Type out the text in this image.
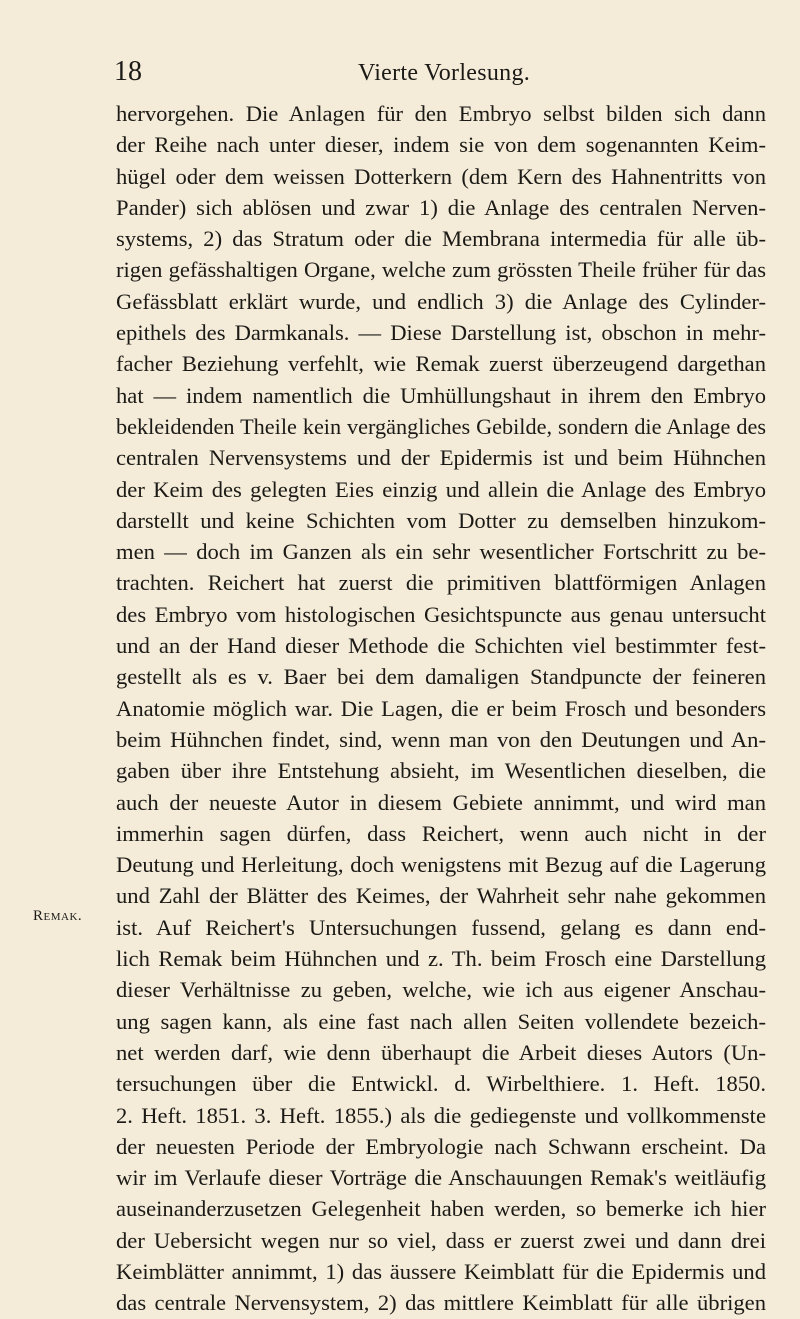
18	Vierte Vorlesung.
Remak.
hervorgehen. Die Anlagen für den Embryo selbst bilden sich dann
der Reihe nach unter dieser, indem sie von dem sogenannten Keim-
hügel oder dem weissen Dotterkern (dem Kern des Hahnentritts von
Pander) sich ablösen und zwar 1) die Anlage des centralen Nerven-
systems, 2) das Stratum oder die Membrana intermedia für alle üb-
rigen gefässhaltigen Organe, welche zum grössten Theile früher für das
Gefässblatt erklärt wurde, und endlich 3) die Anlage des Cylinder-
epithels des Darmkanals. — Diese Darstellung ist, obschon in mehr-
facher Beziehung verfehlt, wie Remak zuerst überzeugend dargethan
hat — indem namentlich die Umhüllungshaut in ihrem den Embryo
bekleidenden Theile kein vergängliches Gebilde, sondern die Anlage des
centralen Nervensystems und der Epidermis ist und beim Hühnchen
der Keim des gelegten Eies einzig und allein die Anlage des Embryo
darstellt und keine Schichten vom Dotter zu demselben hinzukom-
men — doch im Ganzen als ein sehr wesentlicher Fortschritt zu be-
trachten. Reichert hat zuerst die primitiven blattförmigen Anlagen
des Embryo vom histologischen Gesichtspuncte aus genau untersucht
und an der Hand dieser Methode die Schichten viel bestimmter fest-
gestellt als es v. Baer bei dem damaligen Standpuncte der feineren
Anatomie möglich war. Die Lagen, die er beim Frosch und besonders
beim Hühnchen findet, sind, wenn man von den Deutungen und An-
gaben über ihre Entstehung absieht, im Wesentlichen dieselben, die
auch der neueste Autor in diesem Gebiete annimmt, und wird man
immerhin sagen dürfen, dass Reichert, wenn auch nicht in der
Deutung und Herleitung, doch wenigstens mit Bezug auf die Lagerung
und Zahl der Blätter des Keimes, der Wahrheit sehr nahe gekommen
ist. Auf Reichert's Untersuchungen fussend, gelang es dann end-
lich Remak beim Hühnchen und z. Th. beim Frosch eine Darstellung
dieser Verhältnisse zu geben, welche, wie ich aus eigener Anschau-
ung sagen kann, als eine fast nach allen Seiten vollendete bezeich-
net werden darf, wie denn überhaupt die Arbeit dieses Autors (Un-
tersuchungen über die Entwickl. d. Wirbelthiere. 1. Heft. 1850.
2. Heft. 1851. 3. Heft. 1855.) als die gediegenste und vollkommenste
der neuesten Periode der Embryologie nach Schwann erscheint. Da
wir im Verlaufe dieser Vorträge die Anschauungen Remak's weitläufig
auseinanderzusetzen Gelegenheit haben werden, so bemerke ich hier
der Uebersicht wegen nur so viel, dass er zuerst zwei und dann drei
Keimblätter annimmt, 1) das äussere Keimblatt für die Epidermis und
das centrale Nervensystem, 2) das mittlere Keimblatt für alle übrigen
